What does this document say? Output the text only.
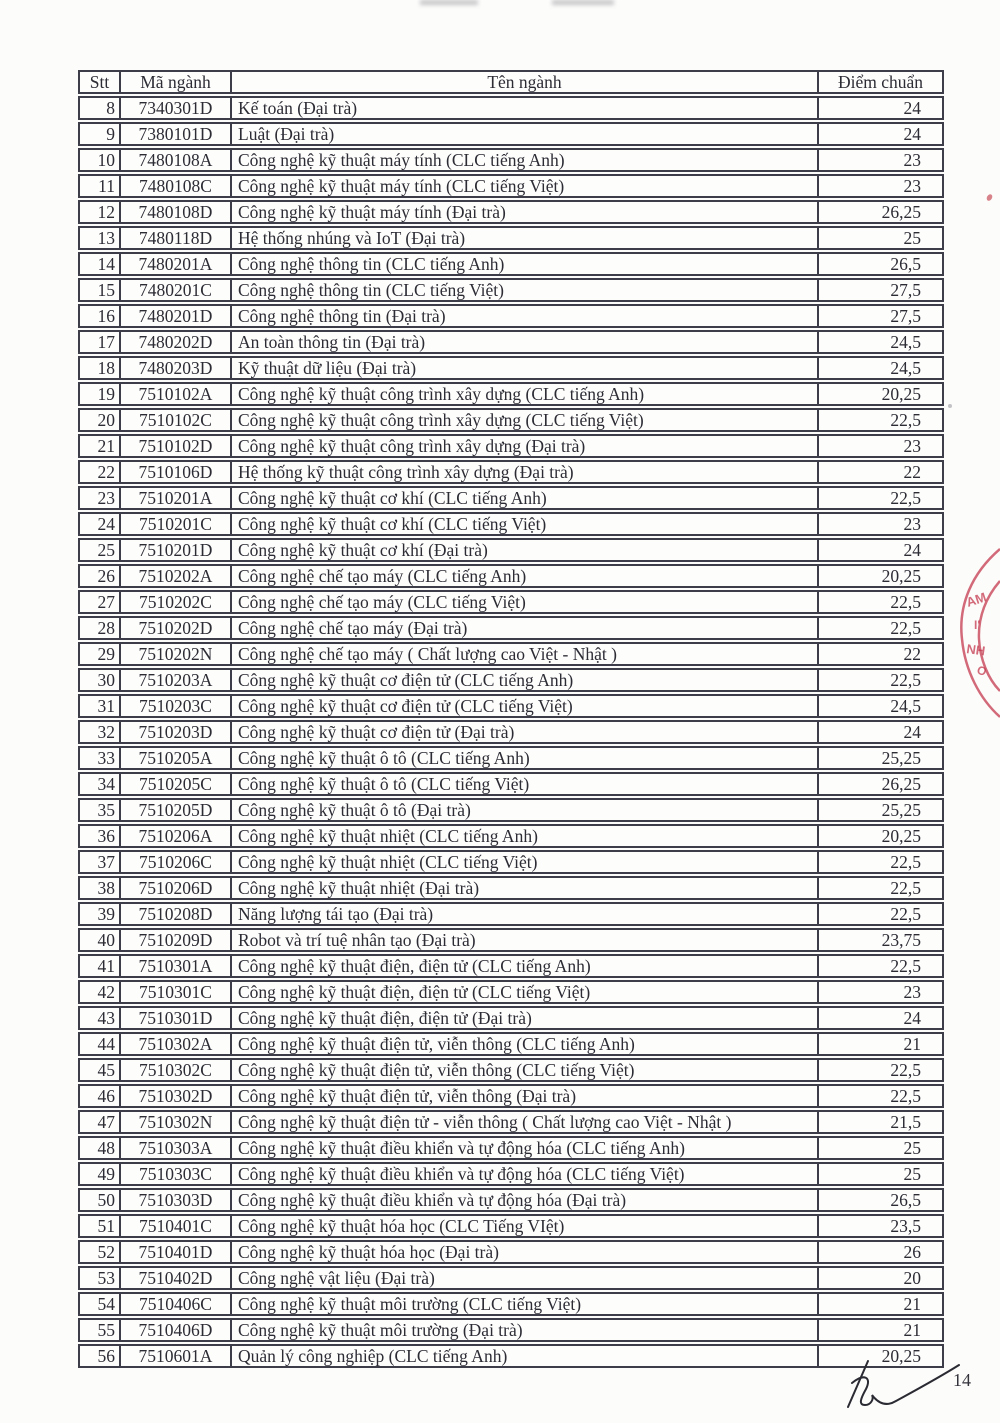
Stt	Mã ngành	Tên ngành	Điểm chuẩn
8	7340301D	Kế toán (Đại trà)	24
9	7380101D	Luật (Đại trà)	24
10	7480108A	Công nghệ kỹ thuật máy tính (CLC tiếng Anh)	23
11	7480108C	Công nghệ kỹ thuật máy tính (CLC tiếng Việt)	23
12	7480108D	Công nghệ kỹ thuật máy tính (Đại trà)	26,25
13	7480118D	Hệ thống nhúng và IoT (Đại trà)	25
14	7480201A	Công nghệ thông tin (CLC tiếng Anh)	26,5
15	7480201C	Công nghệ thông tin (CLC tiếng Việt)	27,5
16	7480201D	Công nghệ thông tin (Đại trà)	27,5
17	7480202D	An toàn thông tin (Đại trà)	24,5
18	7480203D	Kỹ thuật dữ liệu (Đại trà)	24,5
19	7510102A	Công nghệ kỹ thuật công trình xây dựng (CLC tiếng Anh)	20,25
20	7510102C	Công nghệ kỹ thuật công trình xây dựng (CLC tiếng Việt)	22,5
21	7510102D	Công nghệ kỹ thuật công trình xây dựng (Đại trà)	23
22	7510106D	Hệ thống kỹ thuật công trình xây dựng (Đại trà)	22
23	7510201A	Công nghệ kỹ thuật cơ khí (CLC tiếng Anh)	22,5
24	7510201C	Công nghệ kỹ thuật cơ khí (CLC tiếng Việt)	23
25	7510201D	Công nghệ kỹ thuật cơ khí (Đại trà)	24
26	7510202A	Công nghệ chế tạo máy (CLC tiếng Anh)	20,25
27	7510202C	Công nghệ chế tạo máy (CLC tiếng Việt)	22,5
28	7510202D	Công nghệ chế tạo máy (Đại trà)	22,5
29	7510202N	Công nghệ chế tạo máy ( Chất lượng cao Việt - Nhật )	22
30	7510203A	Công nghệ kỹ thuật cơ điện tử (CLC tiếng Anh)	22,5
31	7510203C	Công nghệ kỹ thuật cơ điện tử (CLC tiếng Việt)	24,5
32	7510203D	Công nghệ kỹ thuật cơ điện tử (Đại trà)	24
33	7510205A	Công nghệ kỹ thuật ô tô (CLC tiếng Anh)	25,25
34	7510205C	Công nghệ kỹ thuật ô tô (CLC tiếng Việt)	26,25
35	7510205D	Công nghệ kỹ thuật ô tô (Đại trà)	25,25
36	7510206A	Công nghệ kỹ thuật nhiệt (CLC tiếng Anh)	20,25
37	7510206C	Công nghệ kỹ thuật nhiệt (CLC tiếng Việt)	22,5
38	7510206D	Công nghệ kỹ thuật nhiệt (Đại trà)	22,5
39	7510208D	Năng lượng tái tạo (Đại trà)	22,5
40	7510209D	Robot và trí tuệ nhân tạo (Đại trà)	23,75
41	7510301A	Công nghệ kỹ thuật điện, điện tử (CLC tiếng Anh)	22,5
42	7510301C	Công nghệ kỹ thuật điện, điện tử (CLC tiếng Việt)	23
43	7510301D	Công nghệ kỹ thuật điện, điện tử (Đại trà)	24
44	7510302A	Công nghệ kỹ thuật điện tử, viễn thông (CLC tiếng Anh)	21
45	7510302C	Công nghệ kỹ thuật điện tử, viễn thông (CLC tiếng Việt)	22,5
46	7510302D	Công nghệ kỹ thuật điện tử, viễn thông (Đại trà)	22,5
47	7510302N	Công nghệ kỹ thuật điện tử - viễn thông ( Chất lượng cao Việt - Nhật )	21,5
48	7510303A	Công nghệ kỹ thuật điều khiển và tự động hóa (CLC tiếng Anh)	25
49	7510303C	Công nghệ kỹ thuật điều khiển và tự động hóa (CLC tiếng Việt)	25
50	7510303D	Công nghệ kỹ thuật điều khiển và tự động hóa (Đại trà)	26,5
51	7510401C	Công nghệ kỹ thuật hóa học (CLC Tiếng VIệt)	23,5
52	7510401D	Công nghệ kỹ thuật hóa học (Đại trà)	26
53	7510402D	Công nghệ vật liệu (Đại trà)	20
54	7510406C	Công nghệ kỹ thuật môi trường (CLC tiếng Việt)	21
55	7510406D	Công nghệ kỹ thuật môi trường (Đại trà)	21
56	7510601A	Quản lý công nghiệp (CLC tiếng Anh)	20,25
AM
I'
NH
O
14
